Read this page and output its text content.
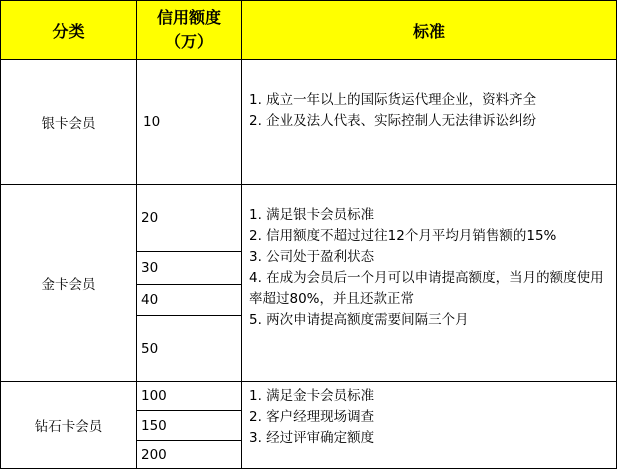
分类
信用额度
（万）
标准
银卡会员	10
1. 成立一年以上的国际货运代理企业，资料齐全
2. 企业及法人代表、实际控制人无法律诉讼纠纷
金卡会员
20
30
40
50
1. 满足银卡会员标准
2. 信用额度不超过过往12个月平均月销售额的15%
3. 公司处于盈利状态
4. 在成为会员后一个月可以申请提高额度，当月的额度使用率超过80%，并且还款正常
5. 两次申请提高额度需要间隔三个月
钻石卡会员
100
150
200
1. 满足金卡会员标准
2. 客户经理现场调查
3. 经过评审确定额度
